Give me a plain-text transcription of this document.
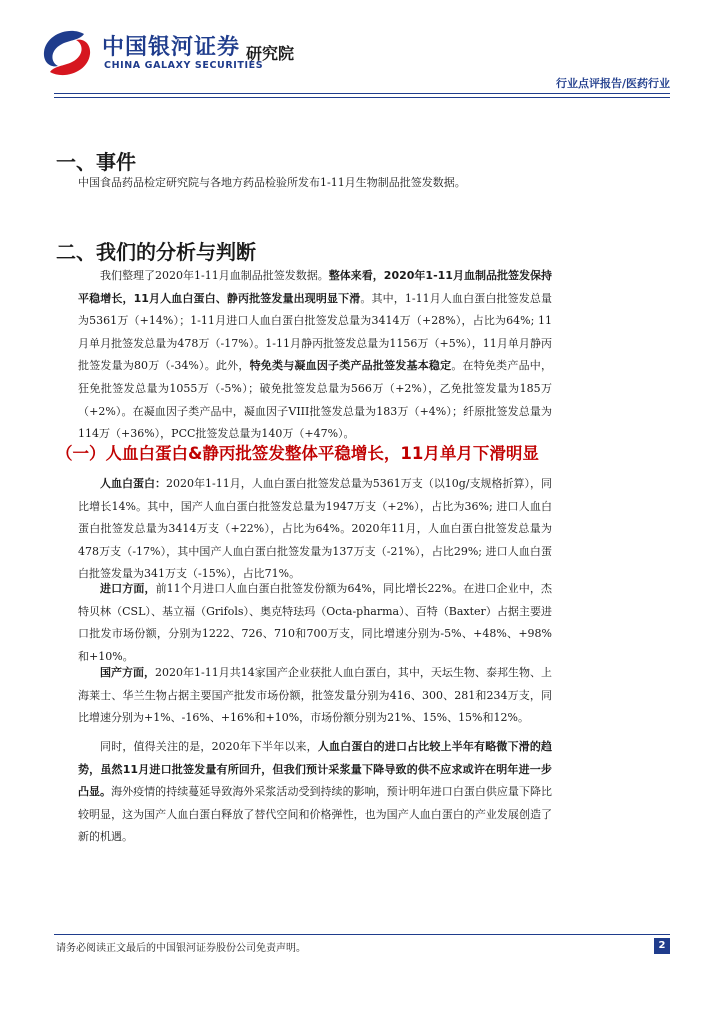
中国银河证券
CHINA GALAXY SECURITIES
研究院
行业点评报告/医药行业
一、事件
中国食品药品检定研究院与各地方药品检验所发布1-11月生物制品批签发数据。
二、我们的分析与判断

我们整理了2020年1-11月血制品批签发数据。整体来看，2020年1-11月血制品批签发保持平稳增长，11月人血白蛋白、静丙批签发量出现明显下滑。其中，1-11月人血白蛋白批签发总量为5361万（+14%）；1-11月进口人血白蛋白批签发总量为3414万（+28%），占比为64%; 11月单月批签发总量为478万（-17%）。1-11月静丙批签发总量为1156万（+5%），11月单月静丙批签发量为80万（-34%）。此外，特免类与凝血因子类产品批签发基本稳定。在特免类产品中，狂免批签发总量为1055万（-5%）；破免批签发总量为566万（+2%），乙免批签发量为185万（+2%）。在凝血因子类产品中，凝血因子VIII批签发总量为183万（+4%）；纤原批签发总量为114万（+36%），PCC批签发总量为140万（+47%）。

（一）人血白蛋白&静丙批签发整体平稳增长，11月单月下滑明显

人血白蛋白：2020年1-11月，人血白蛋白批签发总量为5361万支（以10g/支规格折算），同比增长14%。其中，国产人血白蛋白批签发总量为1947万支（+2%），占比为36%; 进口人血白蛋白批签发总量为3414万支（+22%），占比为64%。2020年11月，人血白蛋白批签发总量为478万支（-17%），其中国产人血白蛋白批签发量为137万支（-21%），占比29%; 进口人血白蛋白批签发量为341万支（-15%），占比71%。

进口方面，前11个月进口人血白蛋白批签发份额为64%，同比增长22%。在进口企业中，杰特贝林（CSL）、基立福（Grifols）、奥克特珐玛（Octa-pharma）、百特（Baxter）占据主要进口批发市场份额，分别为1222、726、710和700万支，同比增速分别为-5%、+48%、+98%和+10%。

国产方面，2020年1-11月共14家国产企业获批人血白蛋白，其中，天坛生物、泰邦生物、上海莱士、华兰生物占据主要国产批发市场份额，批签发量分别为416、300、281和234万支，同比增速分别为+1%、-16%、+16%和+10%，市场份额分别为21%、15%、15%和12%。

同时，值得关注的是，2020年下半年以来，人血白蛋白的进口占比较上半年有略微下滑的趋势，虽然11月进口批签发量有所回升，但我们预计采浆量下降导致的供不应求或许在明年进一步凸显。海外疫情的持续蔓延导致海外采浆活动受到持续的影响，预计明年进口白蛋白供应量下降比较明显，这为国产人血白蛋白释放了替代空间和价格弹性，也为国产人血白蛋白的产业发展创造了新的机遇。

请务必阅读正文最后的中国银河证券股份公司免责声明。	2
